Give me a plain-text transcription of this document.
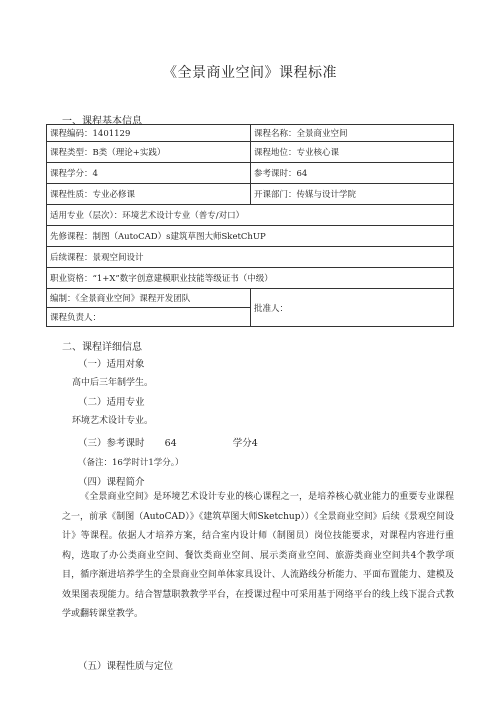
《全景商业空间》课程标准
一、课程基本信息
课程编码：1401129	课程名称：全景商业空间
课程类型：B类（理论+实践）	课程地位：专业核心课
课程学分：4	参考课时：64
课程性质：专业必修课	开课部门：传媒与设计学院
适用专业（层次）：环境艺术设计专业（普专/对口）	
先修课程：制图（AutoCAD）s建筑草图大师SketChUP	
后续课程：景观空间设计	
职业资格：“1+X”数字创意建模职业技能等级证书（中级）	
编制：《全景商业空间》课程开发团队	批准人：
课程负责人：	
二、课程详细信息
（一）适用对象
高中后三年制学生。
（二）适用专业
环境艺术设计专业。
（三）参考课时 64	学分4
（备注：16学时计1学分。）
（四）课程简介
《全景商业空间》是环境艺术设计专业的核心课程之一，是培养核心就业能力的重要专业课程之一，前承《制图（AutoCAD）》《建筑草图大师Sketchup））《全景商业空间》后续《景观空间设计》等课程。依据人才培养方案，结合室内设计师（制图员）岗位技能要求，对课程内容进行重构，选取了办公类商业空间、餐饮类商业空间、展示类商业空间、旅游类商业空间共4个教学项目，循序渐进培养学生的全景商业空间单体家具设计、人流路线分析能力、平面布置能力、建模及效果图表现能力。结合智慧职教教学平台，在授课过程中可采用基于网络平台的线上线下混合式教学或翻转课堂教学。
（五）课程性质与定位
